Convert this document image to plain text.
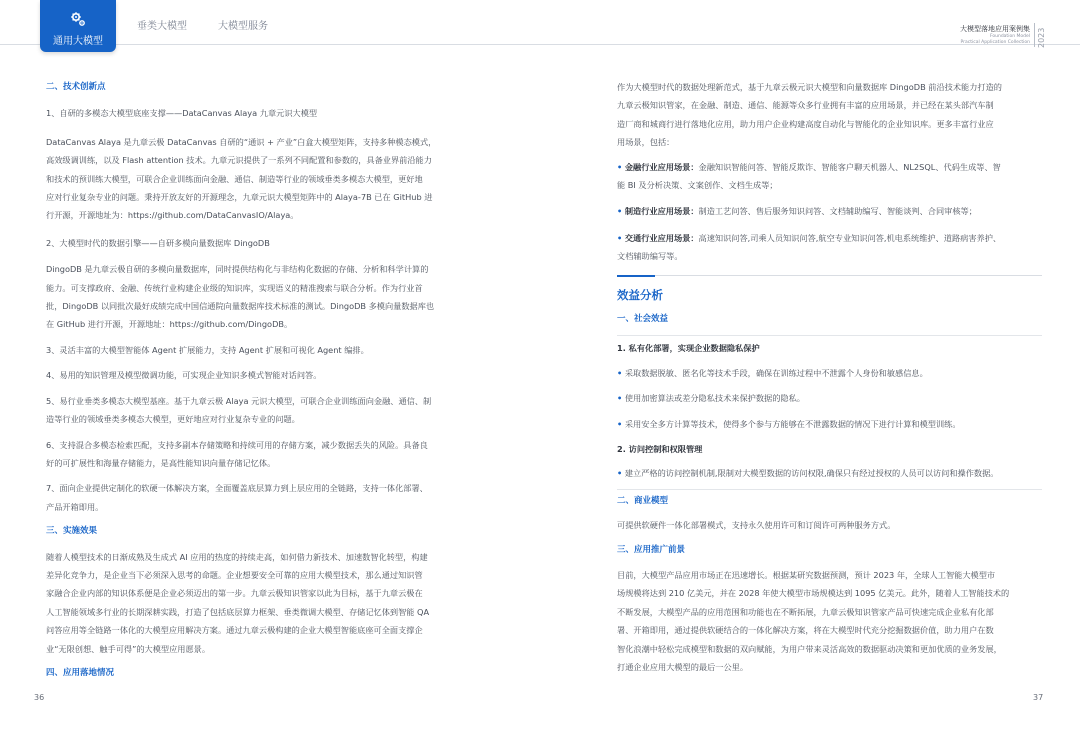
通用大模型
垂类大模型	大模型服务	大模型落地应用案例集
Foundation Model
Practical Application Collection 2023

二、技术创新点

1、自研的多模态大模型底座支撑——DataCanvas Alaya 九章元识大模型

DataCanvas Alaya 是九章云极 DataCanvas 自研的“通识 + 产业”白盒大模型矩阵，支持多种模态模式，

高效级调训练，以及 Flash attention 技术。九章元识提供了一系列不同配置和参数的，具备业界前沿能力

和技术的预训练大模型，可联合企业训练面向金融、通信、制造等行业的领域垂类多模态大模型，更好地

应对行业复杂专业的问题。秉持开放友好的开源理念，九章元识大模型矩阵中的 Alaya-7B 已在 GitHub 进

行开源，开源地址为：https://github.com/DataCanvasIO/Alaya。

2、大模型时代的数据引擎——自研多模向量数据库 DingoDB

DingoDB 是九章云极自研的多模向量数据库，同时提供结构化与非结构化数据的存储、分析和科学计算的

能力。可支撑政府、金融、传统行业构建企业级的知识库，实现语义的精准搜索与联合分析。作为行业首

批，DingoDB 以同批次最好成绩完成中国信通院向量数据库技术标准的测试。DingoDB 多模向量数据库也

在 GitHub 进行开源，开源地址：https://github.com/DingoDB。

3、灵活丰富的大模型智能体 Agent 扩展能力，支持 Agent 扩展和可视化 Agent 编排。

4、易用的知识管理及模型微调功能，可实现企业知识多模式智能对话问答。

5、易行业垂类多模态大模型基座。基于九章云极 Alaya 元识大模型，可联合企业训练面向金融、通信、制

造等行业的领域垂类多模态大模型，更好地应对行业复杂专业的问题。

6、支持混合多模态检索匹配，支持多副本存储策略和持续可用的存储方案，减少数据丢失的风险。具备良

好的可扩展性和海量存储能力，是高性能知识向量存储记忆体。

7、面向企业提供定制化的软硬一体解决方案，全面覆盖底层算力到上层应用的全链路，支持一体化部署、

产品开箱即用。

三、实施效果

随着人模型技术的日渐成熟及生成式 AI 应用的热度的持续走高，如何借力新技术、加速数智化转型，构建

差异化竞争力，是企业当下必须深入思考的命题。企业想要安全可靠的应用大模型技术，那么通过知识管

家融合企业内部的知识体系便是企业必须迈出的第一步。九章云极知识管家以此为目标，基于九章云极在

人工智能领域多行业的长期深耕实践，打造了包括底层算力框架、垂类微调大模型、存储记忆体到智能 QA

问答应用等全链路一体化的大模型应用解决方案。通过九章云极构建的企业大模型智能底座可全面支撑企

业“无限创想、触手可得”的大模型应用愿景。

四、应用落地情况

36

作为大模型时代的数据处理新范式，基于九章云极元识大模型和向量数据库 DingoDB 前沿技术能力打造的

九章云极知识管家，在金融、制造、通信、能源等众多行业拥有丰富的应用场景，并已经在某头部汽车制

造厂商和城商行进行落地化应用，助力用户企业构建高度自动化与智能化的企业知识库。更多丰富行业应

用场景，包括：

• 金融行业应用场景：金融知识智能问答、智能反欺诈、智能客户聊天机器人、NL2SQL、代码生成等、智

能 BI 及分析决策、文案创作、文档生成等；

• 制造行业应用场景：制造工艺问答、售后服务知识问答、文档辅助编写、智能谈判、合同审核等；

• 交通行业应用场景：高速知识问答,司乘人员知识问答,航空专业知识问答,机电系统维护、道路病害养护、

文档辅助编写等。

效益分析

一、社会效益

1. 私有化部署，实现企业数据隐私保护

• 采取数据脱敏、匿名化等技术手段，确保在训练过程中不泄露个人身份和敏感信息。

• 使用加密算法或差分隐私技术来保护数据的隐私。

• 采用安全多方计算等技术，使得多个参与方能够在不泄露数据的情况下进行计算和模型训练。

2. 访问控制和权限管理

• 建立严格的访问控制机制,限制对大模型数据的访问权限,确保只有经过授权的人员可以访问和操作数据。

二、商业模型

可提供软硬件一体化部署模式，支持永久使用许可和订阅许可两种服务方式。

三、应用推广前景

目前，大模型产品应用市场正在迅速增长。根据某研究数据预测，预计 2023 年，全球人工智能大模型市

场规模将达到 210 亿美元，并在 2028 年使大模型市场规模达到 1095 亿美元。此外，随着人工智能技术的

不断发展，大模型产品的应用范围和功能也在不断拓展，九章云极知识管家产品可快速完成企业私有化部

署、开箱即用，通过提供软硬结合的一体化解决方案，将在大模型时代充分挖掘数据价值，助力用户在数

智化浪潮中轻松完成模型和数据的双向赋能，为用户带来灵活高效的数据驱动决策和更加优质的业务发展，

打通企业应用大模型的最后一公里。

37
